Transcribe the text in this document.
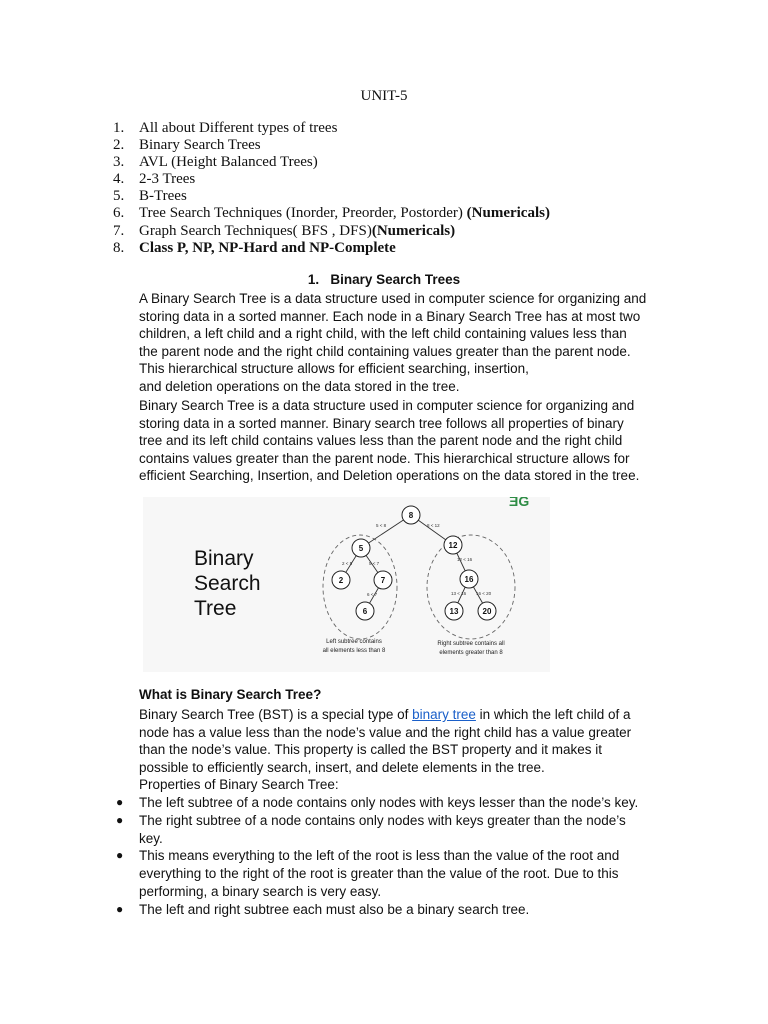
UNIT-5
1. All about Different types of trees
2. Binary Search Trees
3. AVL (Height Balanced Trees)
4. 2-3 Trees
5. B-Trees
6. Tree Search Techniques (Inorder, Preorder, Postorder) (Numericals)
7. Graph Search Techniques( BFS , DFS) (Numericals)
8. Class P, NP, NP-Hard and NP-Complete
1.   Binary Search Trees
A Binary Search Tree is a data structure used in computer science for organizing and
storing data in a sorted manner. Each node in a Binary Search Tree has at most two
children, a left child and a right child, with the left child containing values less than
the parent node and the right child containing values greater than the parent node.
This hierarchical structure allows for efficient searching, insertion,
and deletion operations on the data stored in the tree.
Binary Search Tree is a data structure used in computer science for organizing and
storing data in a sorted manner. Binary search tree follows all properties of binary
tree and its left child contains values less than the parent node and the right child
contains values greater than the parent node. This hierarchical structure allows for
efficient Searching, Insertion, and Deletion operations on the data stored in the tree.
ƎG
Binary
Search
Tree
5 < 8	8 < 12
2 < 5	5 < 7
6 < 7
12 < 16
13 < 16 16 < 20
8
5	12
2	7	16
6	13	20
Left subtree contains
all elements less than 8
Right subtree contains all
elements greater than 8
What is Binary Search Tree?
Binary Search Tree (BST) is a special type of binary tree in which the left child of a
node has a value less than the node’s value and the right child has a value greater
than the node’s value. This property is called the BST property and it makes it
possible to efficiently search, insert, and delete elements in the tree.
Properties of Binary Search Tree:
● The left subtree of a node contains only nodes with keys lesser than the node’s key.
● The right subtree of a node contains only nodes with keys greater than the node’s
key.
● This means everything to the left of the root is less than the value of the root and
everything to the right of the root is greater than the value of the root. Due to this
performing, a binary search is very easy.
● The left and right subtree each must also be a binary search tree.
